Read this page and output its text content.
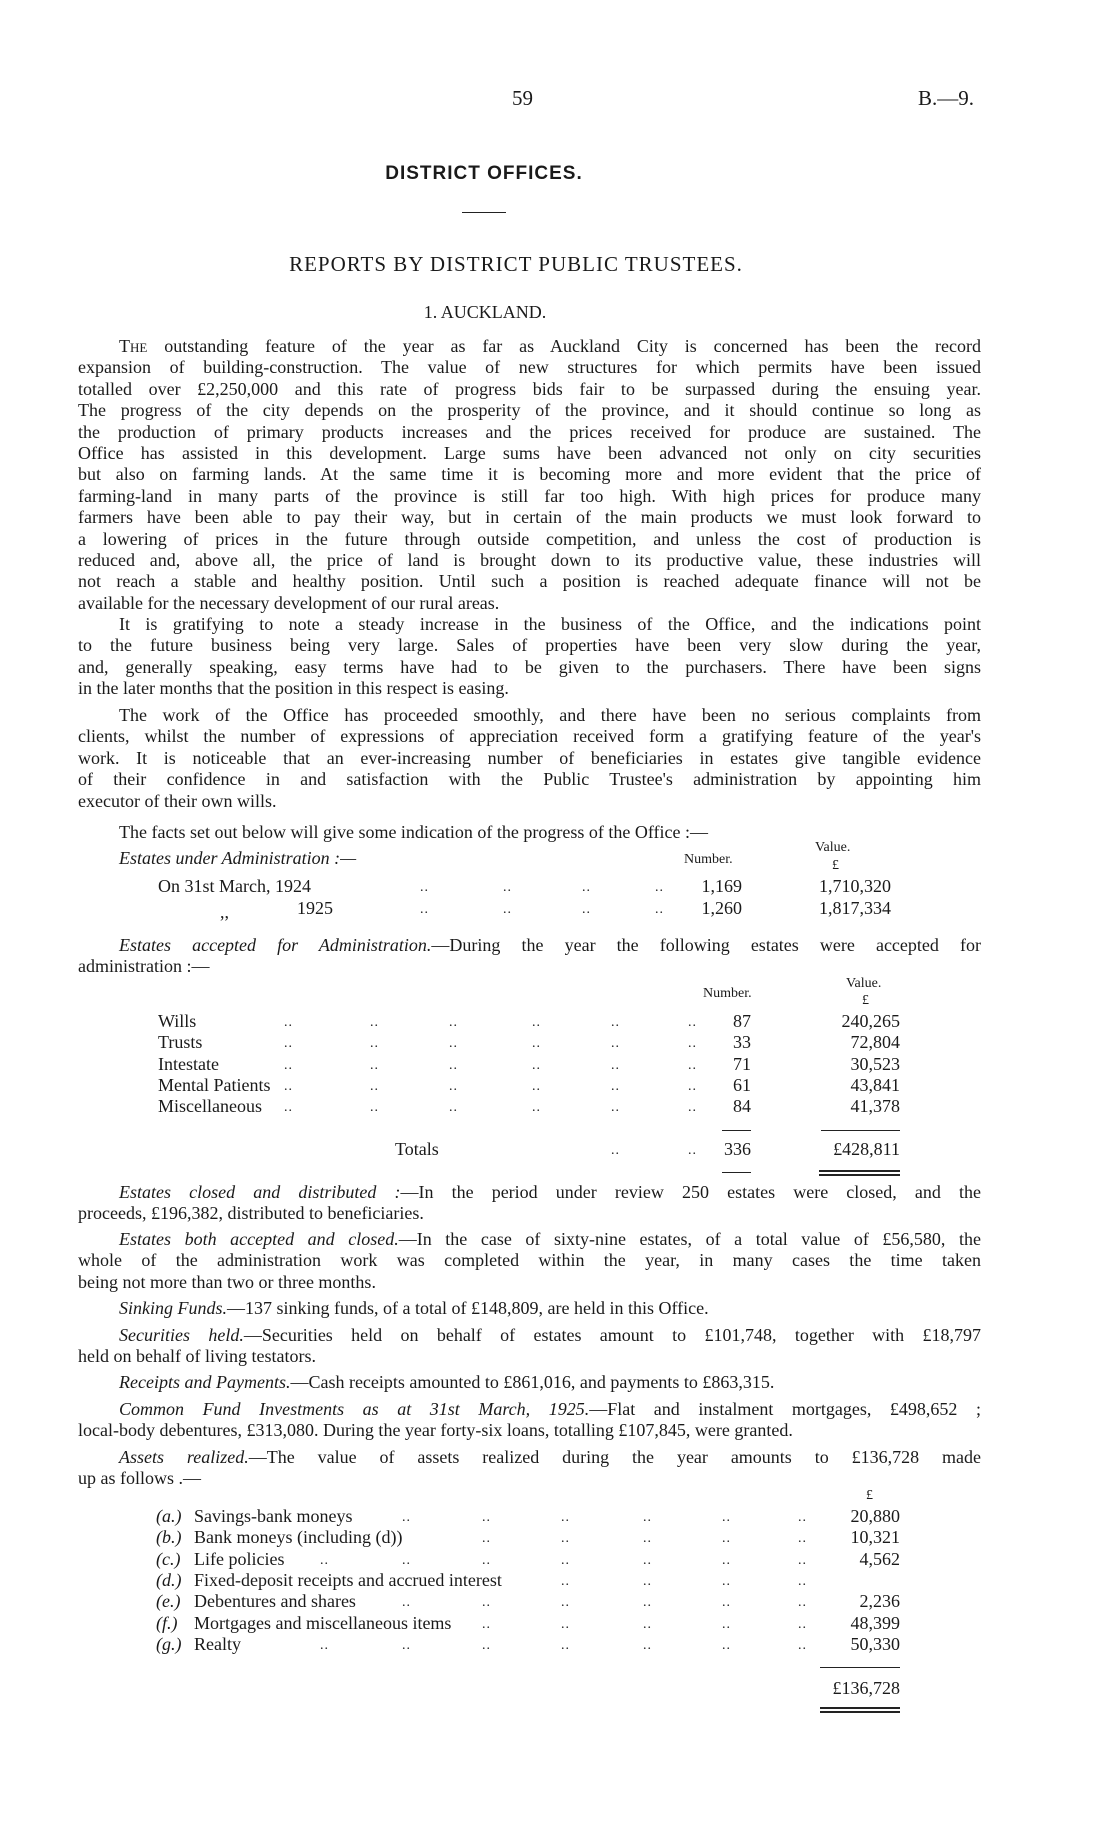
59	B.—9.
DISTRICT OFFICES.
REPORTS BY DISTRICT PUBLIC TRUSTEES.
1. AUCKLAND.
The outstanding feature of the year as far as Auckland City is concerned has been the record
expansion of building-construction. The value of new structures for which permits have been issued
totalled over £2,250,000 and this rate of progress bids fair to be surpassed during the ensuing year.
The progress of the city depends on the prosperity of the province, and it should continue so long as
the production of primary products increases and the prices received for produce are sustained. The
Office has assisted in this development. Large sums have been advanced not only on city securities
but also on farming lands. At the same time it is becoming more and more evident that the price of
farming-land in many parts of the province is still far too high. With high prices for produce many
farmers have been able to pay their way, but in certain of the main products we must look forward to
a lowering of prices in the future through outside competition, and unless the cost of production is
reduced and, above all, the price of land is brought down to its productive value, these industries will
not reach a stable and healthy position. Until such a position is reached adequate finance will not be
available for the necessary development of our rural areas.
It is gratifying to note a steady increase in the business of the Office, and the indications point
to the future business being very large. Sales of properties have been very slow during the year,
and, generally speaking, easy terms have had to be given to the purchasers. There have been signs
in the later months that the position in this respect is easing.
The work of the Office has proceeded smoothly, and there have been no serious complaints from
clients, whilst the number of expressions of appreciation received form a gratifying feature of the year's
work. It is noticeable that an ever-increasing number of beneficiaries in estates give tangible evidence
of their confidence in and satisfaction with the Public Trustee's administration by appointing him
executor of their own wills.
The facts set out below will give some indication of the progress of the Office :—
Estates accepted for Administration.—During the year the following estates were accepted for
administration :—
Estates closed and distributed :—In the period under review 250 estates were closed, and the
proceeds, £196,382, distributed to beneficiaries.
Estates both accepted and closed.—In the case of sixty-nine estates, of a total value of £56,580, the
whole of the administration work was completed within the year, in many cases the time taken
being not more than two or three months.
Sinking Funds.—137 sinking funds, of a total of £148,809, are held in this Office.
Securities held.—Securities held on behalf of estates amount to £101,748, together with £18,797
held on behalf of living testators.
Receipts and Payments.—Cash receipts amounted to £861,016, and payments to £863,315.
Common Fund Investments as at 31st March, 1925.—Flat and instalment mortgages, £498,652 ;
local-body debentures, £313,080. During the year forty-six loans, totalling £107,845, were granted.
Assets realized.—The value of assets realized during the year amounts to £136,728 made
up as follows .—
Estates under Administration :—	Number.
Value.
£
On 31st March, 1924	..	..	..	.. 1,169	1,710,320
,,	1925	..	..	..	.. 1,260	1,817,334
Number.
Value.
£
Wills	..	..	..	..	..	.. 87	240,265
Trusts	..	..	..	..	..	.. 33	72,804
Intestate	..	..	..	..	..	.. 71	30,523
Mental Patients ..	..	..	..	..	.. 61	43,841
Miscellaneous ..	..	..	..	..	.. 84	41,378
Totals	..	.. 336	£428,811
£
(a.) Savings-bank moneys	..	..	..	..	..	.. 20,880
(b.) Bank moneys (including (d))	..	..	..	..	.. 10,321
(c.) Life policies	..	..	..	..	..	..	..	4,562
(d.) Fixed-deposit receipts and accrued interest	..	..	..	..
(e.) Debentures and shares	..	..	..	..	..	..	2,236
(f.) Mortgages and miscellaneous items ..	..	..	..	.. 48,399
(g.) Realty	..	..	..	..	..	..	.. 50,330
£136,728
